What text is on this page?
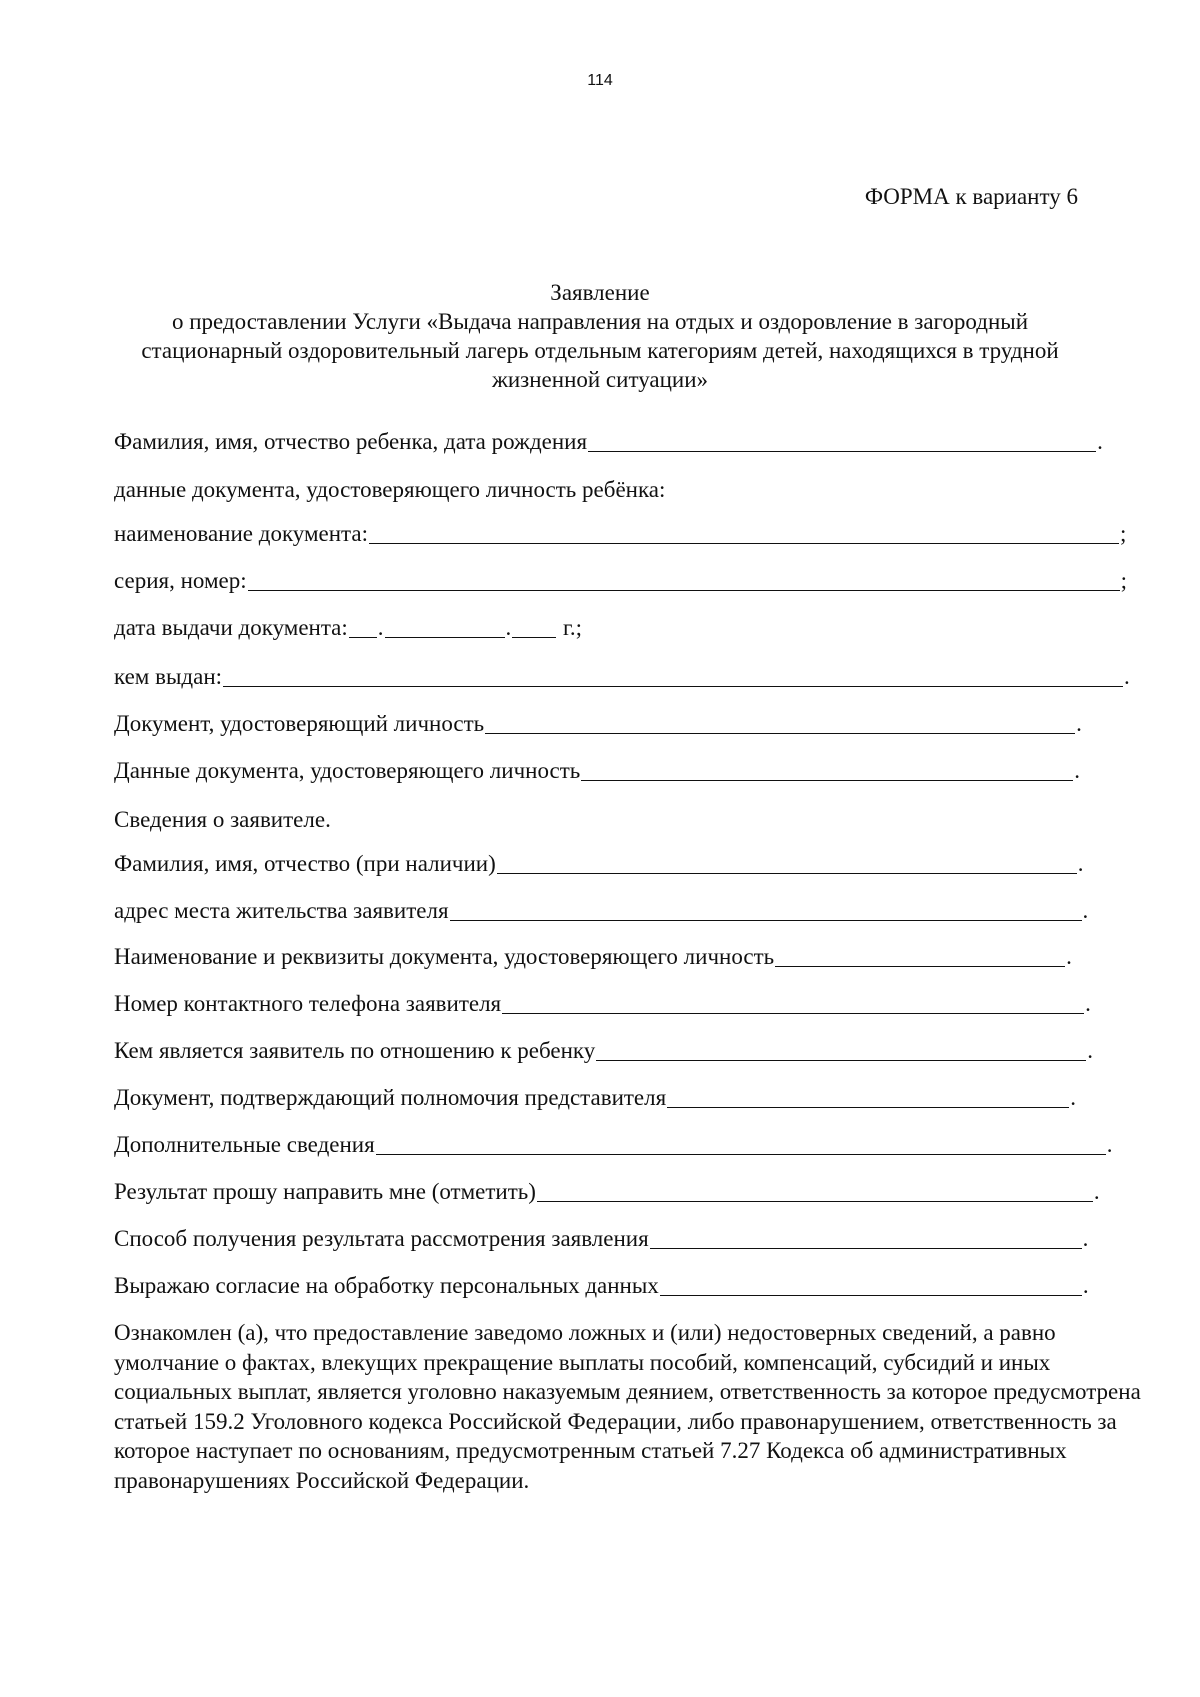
114
ФОРМА к варианту 6
Заявление
о предоставлении Услуги «Выдача направления на отдых и оздоровление в загородный
стационарный оздоровительный лагерь отдельным категориям детей, находящихся в трудной
жизненной ситуации»
Фамилия, имя, отчество ребенка, дата рождения	.
данные документа, удостоверяющего личность ребёнка:
наименование документа:	;
серия, номер:	;
дата выдачи документа: .	. г.;
кем выдан:	.
Документ, удостоверяющий личность	.
Данные документа, удостоверяющего личность	.
Сведения о заявителе.
Фамилия, имя, отчество (при наличии)	.
адрес места жительства заявителя	.
Наименование и реквизиты документа, удостоверяющего личность	.
Номер контактного телефона заявителя	.
Кем является заявитель по отношению к ребенку	.
Документ, подтверждающий полномочия представителя	.
Дополнительные сведения	.
Результат прошу направить мне (отметить)	.
Способ получения результата рассмотрения заявления	.
Выражаю согласие на обработку персональных данных	.
Ознакомлен (а), что предоставление заведомо ложных и (или) недостоверных сведений, а равно умолчание о фактах, влекущих прекращение выплаты пособий, компенсаций, субсидий и иных социальных выплат, является уголовно наказуемым деянием, ответственность за которое предусмотрена статьей 159.2 Уголовного кодекса Российской Федерации, либо правонарушением, ответственность за которое наступает по основаниям, предусмотренным статьей 7.27 Кодекса об административных правонарушениях Российской Федерации.
